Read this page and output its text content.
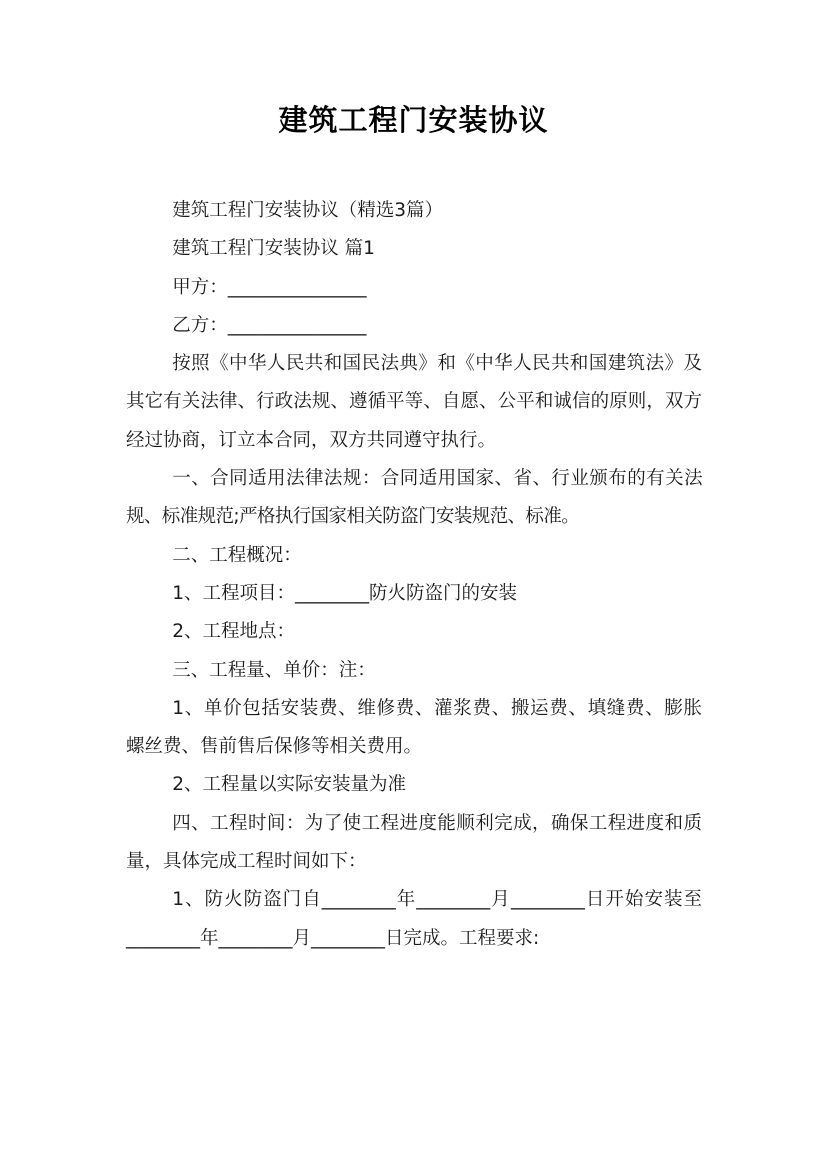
建筑工程门安装协议

建筑工程门安装协议（精选3篇）

建筑工程门安装协议 篇1

甲方：_______________

乙方：_______________

按照《中华人民共和国民法典》和《中华人民共和国建筑法》及其它有关法律、行政法规、遵循平等、自愿、公平和诚信的原则，双方经过协商，订立本合同，双方共同遵守执行。

一、合同适用法律法规：合同适用国家、省、行业颁布的有关法规、标准规范;严格执行国家相关防盗门安装规范、标准。

二、工程概况：

1、工程项目：________防火防盗门的安装

2、工程地点：

三、工程量、单价：注：

1、单价包括安装费、维修费、灌浆费、搬运费、填缝费、膨胀螺丝费、售前售后保修等相关费用。

2、工程量以实际安装量为准

四、工程时间：为了使工程进度能顺利完成，确保工程进度和质量，具体完成工程时间如下：

1、防火防盗门自________年________月________日开始安装至________年________月________日完成。工程要求:
